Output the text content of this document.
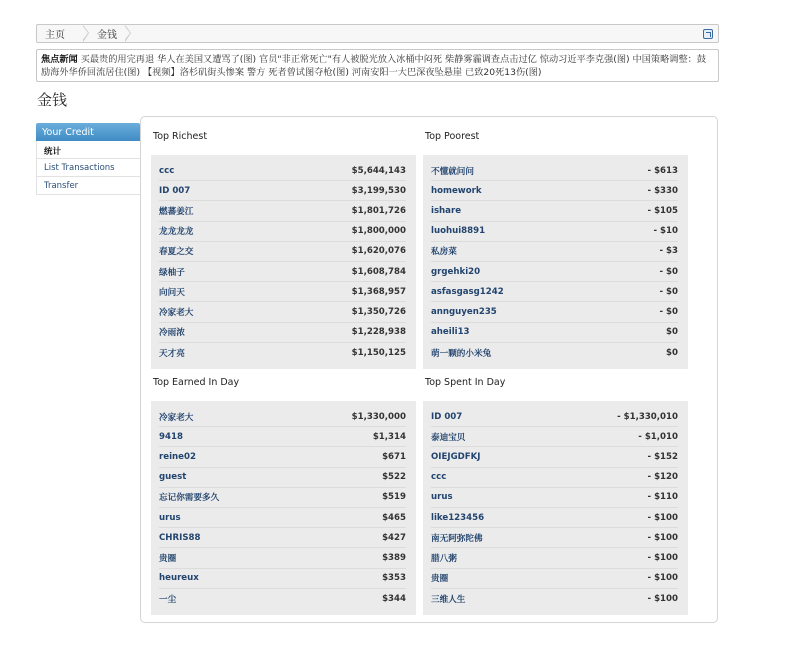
主页	金钱
焦点新闻 买最贵的用完再退 华人在美国又遭骂了(图) 官员"非正常死亡"有人被脱光放入冰桶中闷死 柴静雾霾调查点击过亿 惊动习近平李克强(图) 中国策略调整：鼓励海外华侨回流居住(图) 【视频】洛杉矶街头惨案 警方 死者曾试图夺枪(图) 河南安阳一大巴深夜坠悬崖 已致20死13伤(图)
金钱
Your Credit
统计
List Transactions
Transfer
Top Richest
ccc	$5,644,143
ID 007	$3,199,530
燃蕃姜江	$1,801,726
龙龙龙龙	$1,800,000
春夏之交	$1,620,076
绿柚子	$1,608,784
向问天	$1,368,957
冷家老大	$1,350,726
冷雨浓	$1,228,938
天才亮	$1,150,125
Top Poorest
不懂就问问	- $613
homework	- $330
ishare	- $105
luohui8891	- $10
私房菜	- $3
grgehki20	- $0
asfasgasg1242	- $0
annguyen235	- $0
aheili13	$0
萌一颗的小米兔	$0
Top Earned In Day
冷家老大	$1,330,000
9418	$1,314
reine02	$671
guest	$522
忘记你需要多久	$519
urus	$465
CHRIS88	$427
贵圈	$389
heureux	$353
一尘	$344
Top Spent In Day
ID 007	- $1,330,010
泰迪宝贝	- $1,010
OIEJGDFKJ	- $152
ccc	- $120
urus	- $110
like123456	- $100
南无阿弥陀佛	- $100
腊八粥	- $100
贵圈	- $100
三维人生	- $100
